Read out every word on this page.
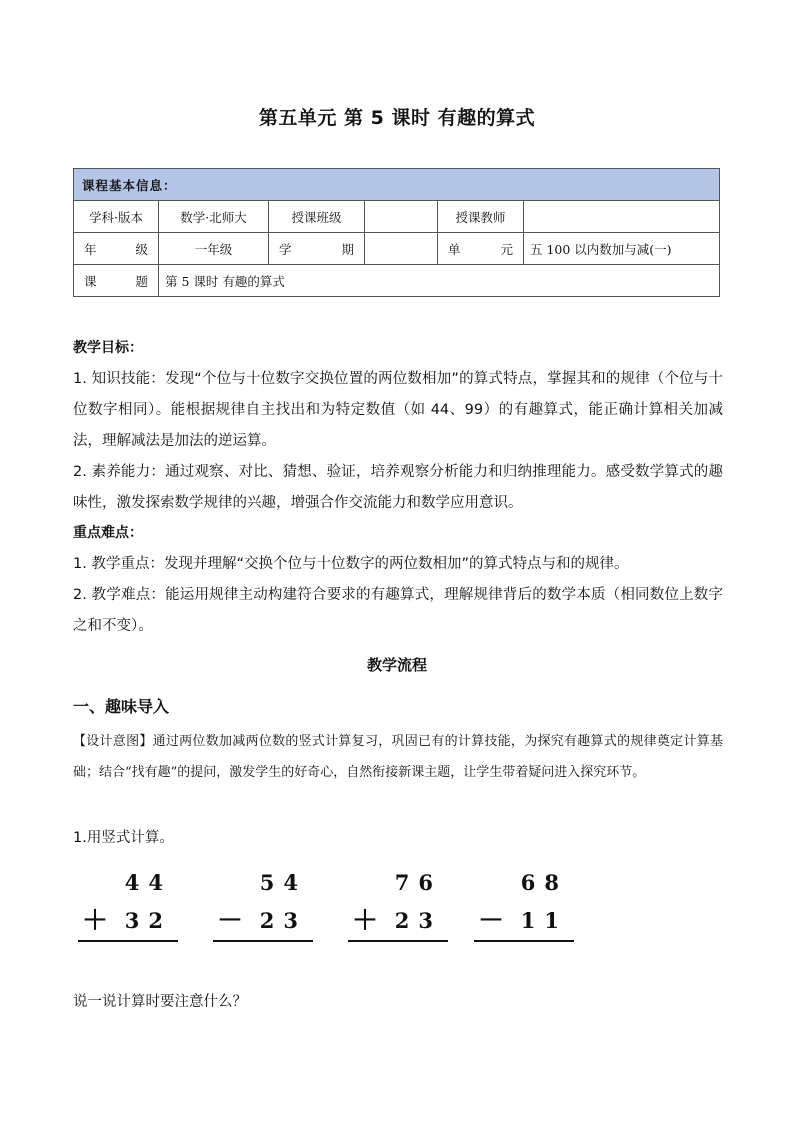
第五单元 第 5 课时 有趣的算式
课程基本信息：					
学科·版本	数学·北师大	授课班级		授课教师	
年 级	一年级	学 期		单 元	五 100 以内数加与减(一)
课 题	第 5 课时 有趣的算式				
教学目标：
1. 知识技能：发现“个位与十位数字交换位置的两位数相加”的算式特点，掌握其和的规律（个位与十位数字相同）。能根据规律自主找出和为特定数值（如 44、99）的有趣算式，能正确计算相关加减法，理解减法是加法的逆运算。
2. 素养能力：通过观察、对比、猜想、验证，培养观察分析能力和归纳推理能力。感受数学算式的趣味性，激发探索数学规律的兴趣，增强合作交流能力和数学应用意识。
重点难点：
1. 教学重点：发现并理解“交换个位与十位数字的两位数相加”的算式特点与和的规律。
2. 教学难点：能运用规律主动构建符合要求的有趣算式，理解规律背后的数学本质（相同数位上数字之和不变）。
教学流程
一、趣味导入
【设计意图】通过两位数加减两位数的竖式计算复习，巩固已有的计算技能，为探究有趣算式的规律奠定计算基础；结合“找有趣”的提问，激发学生的好奇心，自然衔接新课主题，让学生带着疑问进入探究环节。
1.用竖式计算。
44
＋ 32
54
－ 23
76
＋ 23
68
－ 11
说一说计算时要注意什么？
